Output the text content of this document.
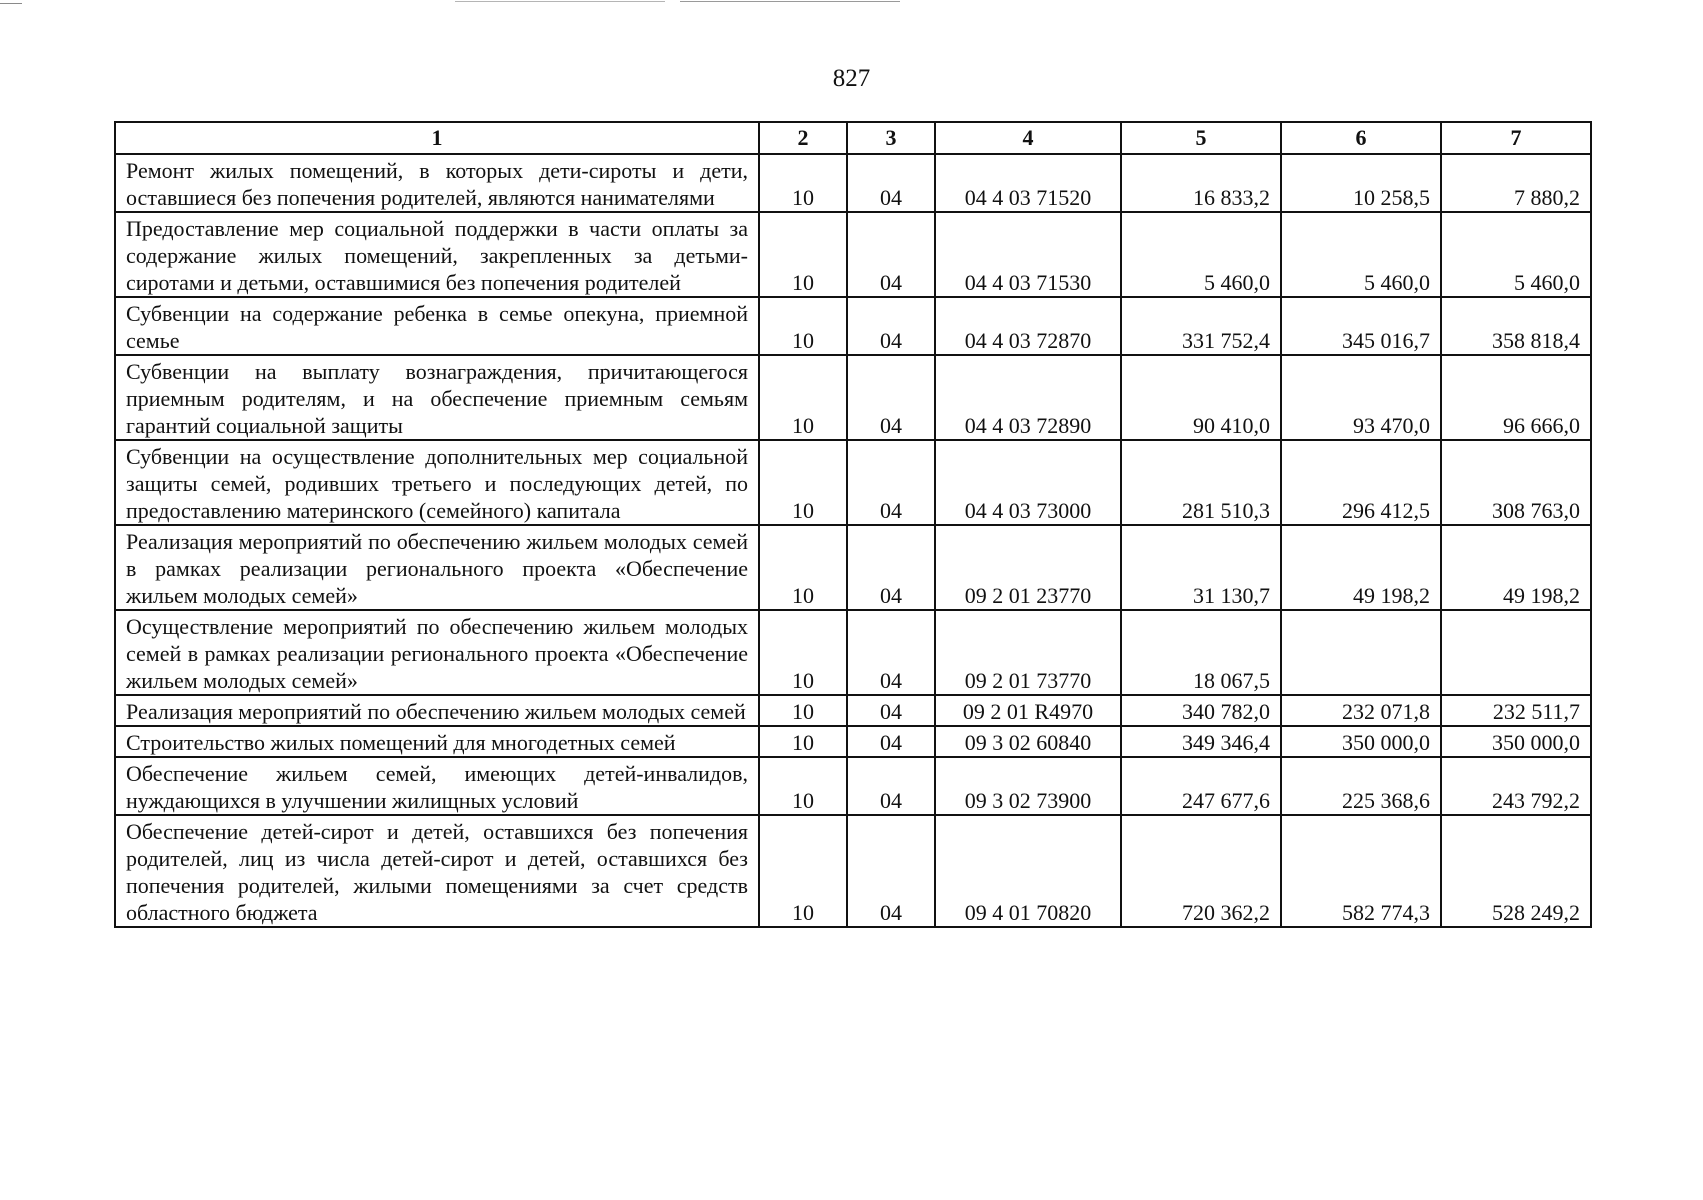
827
1	2	3	4	5	6	7
Ремонт жилых помещений, в которых дети-сироты и дети, оставшиеся без попечения родителей, являются нанимателями	10	04	04 4 03 71520	16 833,2	10 258,5	7 880,2
Предоставление мер социальной поддержки в части оплаты за содержание жилых помещений, закрепленных за детьми-сиротами и детьми, оставшимися без попечения родителей	10	04	04 4 03 71530	5 460,0	5 460,0	5 460,0
Субвенции на содержание ребенка в семье опекуна, приемной семье	10	04	04 4 03 72870	331 752,4	345 016,7	358 818,4
Субвенции на выплату вознаграждения, причитающегося приемным родителям, и на обеспечение приемным семьям гарантий социальной защиты	10	04	04 4 03 72890	90 410,0	93 470,0	96 666,0
Субвенции на осуществление дополнительных мер социальной защиты семей, родивших третьего и последующих детей, по предоставлению материнского (семейного) капитала	10	04	04 4 03 73000	281 510,3	296 412,5	308 763,0
Реализация мероприятий по обеспечению жильем молодых семей в рамках реализации регионального проекта «Обеспечение жильем молодых семей»	10	04	09 2 01 23770	31 130,7	49 198,2	49 198,2
Осуществление мероприятий по обеспечению жильем молодых семей в рамках реализации регионального проекта «Обеспечение жильем молодых семей»	10	04	09 2 01 73770	18 067,5		
Реализация мероприятий по обеспечению жильем молодых семей	10	04	09 2 01 R4970	340 782,0	232 071,8	232 511,7
Строительство жилых помещений для многодетных семей	10	04	09 3 02 60840	349 346,4	350 000,0	350 000,0
Обеспечение жильем семей, имеющих детей-инвалидов, нуждающихся в улучшении жилищных условий	10	04	09 3 02 73900	247 677,6	225 368,6	243 792,2
Обеспечение детей-сирот и детей, оставшихся без попечения родителей, лиц из числа детей-сирот и детей, оставшихся без попечения родителей, жилыми помещениями за счет средств областного бюджета	10	04	09 4 01 70820	720 362,2	582 774,3	528 249,2
